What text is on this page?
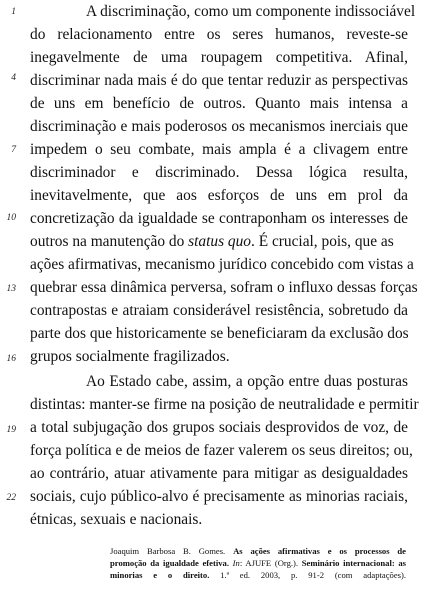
1
4
7
10
13
16
19
22
A discriminação, como um componente indissociável
do relacionamento entre os seres humanos, reveste-se
inegavelmente de uma roupagem competitiva. Afinal,
discriminar nada mais é do que tentar reduzir as perspectivas
de uns em benefício de outros. Quanto mais intensa a
discriminação e mais poderosos os mecanismos inerciais que
impedem o seu combate, mais ampla é a clivagem entre
discriminador e discriminado. Dessa lógica resulta,
inevitavelmente, que aos esforços de uns em prol da
concretização da igualdade se contraponham os interesses de
outros na manutenção do status quo. É crucial, pois, que as
ações afirmativas, mecanismo jurídico concebido com vistas a
quebrar essa dinâmica perversa, sofram o influxo dessas forças
contrapostas e atraiam considerável resistência, sobretudo da
parte dos que historicamente se beneficiaram da exclusão dos
grupos socialmente fragilizados.
Ao Estado cabe, assim, a opção entre duas posturas
distintas: manter-se firme na posição de neutralidade e permitir
a total subjugação dos grupos sociais desprovidos de voz, de
força política e de meios de fazer valerem os seus direitos; ou,
ao contrário, atuar ativamente para mitigar as desigualdades
sociais, cujo público-alvo é precisamente as minorias raciais,
étnicas, sexuais e nacionais.
Joaquim Barbosa B. Gomes. As ações afirmativas e os processos de
promoção da igualdade efetiva. In: AJUFE (Org.). Seminário internacional: as
minorias e o direito. 1.ª ed. 2003, p. 91-2 (com adaptações).
